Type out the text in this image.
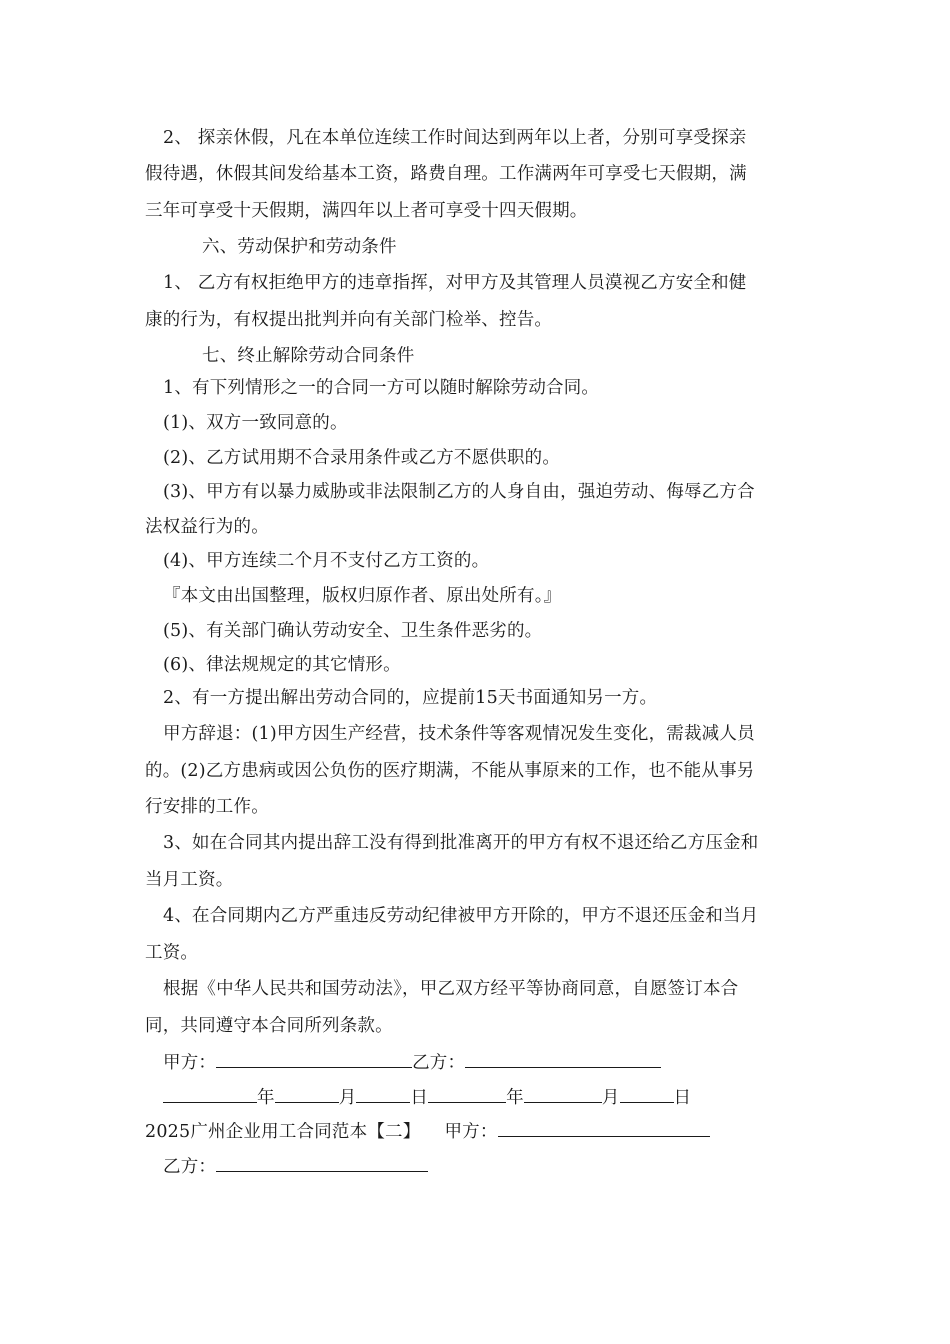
2、 探亲休假，凡在本单位连续工作时间达到两年以上者，分别可享受探亲
假待遇，休假其间发给基本工资，路费自理。工作满两年可享受七天假期，满
三年可享受十天假期，满四年以上者可享受十四天假期。
六、劳动保护和劳动条件
1、 乙方有权拒绝甲方的违章指挥，对甲方及其管理人员漠视乙方安全和健
康的行为，有权提出批判并向有关部门检举、控告。
七、终止解除劳动合同条件
1、有下列情形之一的合同一方可以随时解除劳动合同。
(1)、双方一致同意的。
(2)、乙方试用期不合录用条件或乙方不愿供职的。
(3)、甲方有以暴力威胁或非法限制乙方的人身自由，强迫劳动、侮辱乙方合
法权益行为的。
(4)、甲方连续二个月不支付乙方工资的。
『本文由出国整理，版权归原作者、原出处所有。』
(5)、有关部门确认劳动安全、卫生条件恶劣的。
(6)、律法规规定的其它情形。
2、有一方提出解出劳动合同的，应提前15天书面通知另一方。
甲方辞退：(1)甲方因生产经营，技术条件等客观情况发生变化，需裁减人员
的。(2)乙方患病或因公负伤的医疗期满，不能从事原来的工作，也不能从事另
行安排的工作。
3、如在合同其内提出辞工没有得到批准离开的甲方有权不退还给乙方压金和
当月工资。
4、在合同期内乙方严重违反劳动纪律被甲方开除的，甲方不退还压金和当月
工资。
根据《中华人民共和国劳动法》，甲乙双方经平等协商同意，自愿签订本合
同，共同遵守本合同所列条款。
甲方：	乙方：
年	月	日	年	月	日
2025广州企业用工合同范本【二】 甲方：
乙方：
